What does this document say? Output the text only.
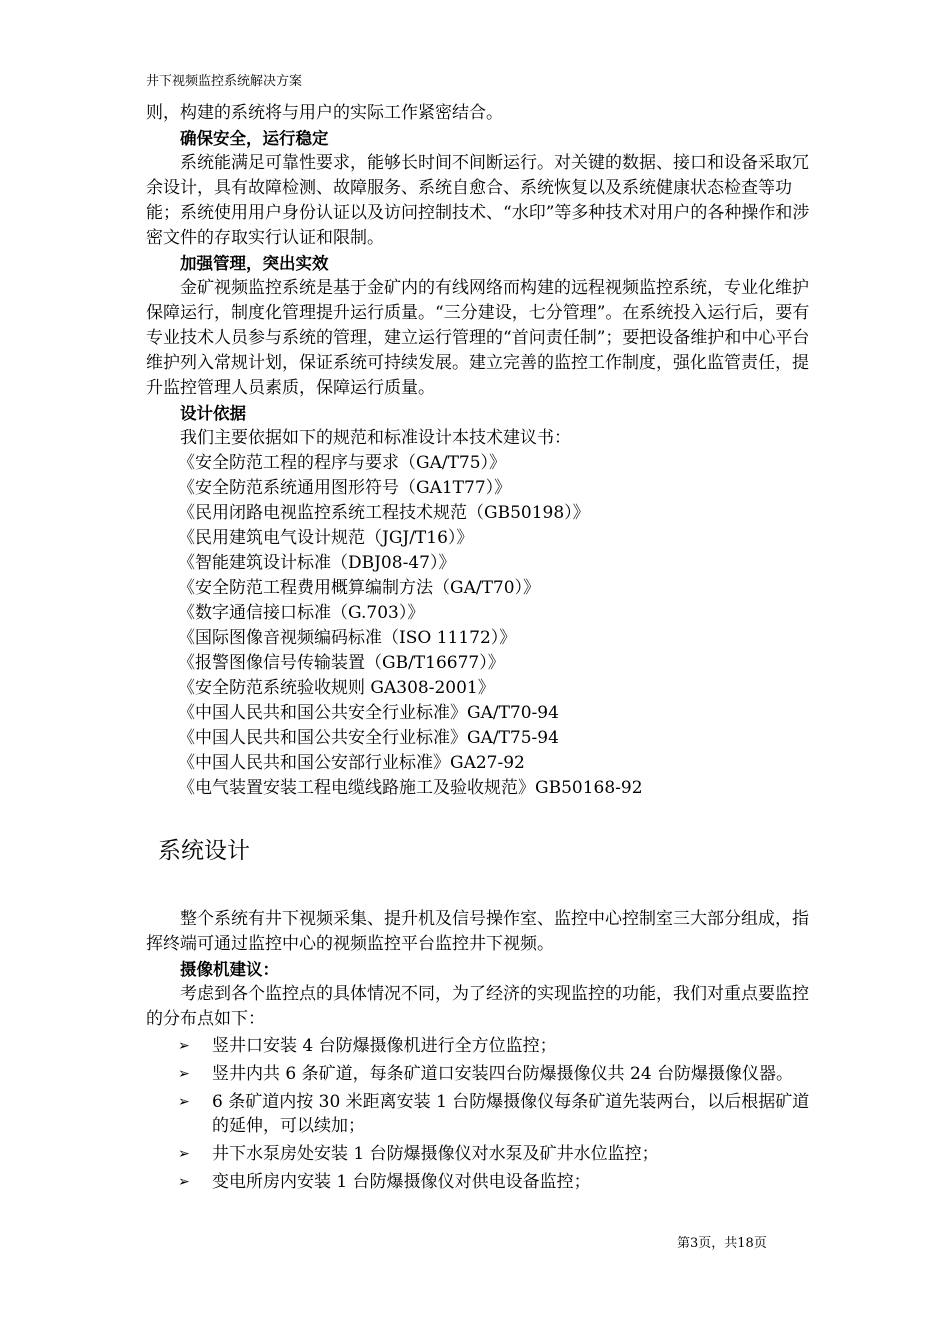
井下视频监控系统解决方案

则，构建的系统将与用户的实际工作紧密结合。

确保安全，运行稳定

系统能满足可靠性要求，能够长时间不间断运行。对关键的数据、接口和设备采取冗余设计，具有故障检测、故障服务、系统自愈合、系统恢复以及系统健康状态检查等功能；系统使用用户身份认证以及访问控制技术、“水印”等多种技术对用户的各种操作和涉密文件的存取实行认证和限制。

加强管理，突出实效

金矿视频监控系统是基于金矿内的有线网络而构建的远程视频监控系统，专业化维护保障运行，制度化管理提升运行质量。“三分建设，七分管理”。在系统投入运行后，要有专业技术人员参与系统的管理，建立运行管理的“首问责任制”；要把设备维护和中心平台维护列入常规计划，保证系统可持续发展。建立完善的监控工作制度，强化监管责任，提升监控管理人员素质，保障运行质量。

设计依据

我们主要依据如下的规范和标准设计本技术建议书：

《安全防范工程的程序与要求（GA/T75）》

《安全防范系统通用图形符号（GA1T77）》

《民用闭路电视监控系统工程技术规范（GB50198）》

《民用建筑电气设计规范（JGJ/T16）》

《智能建筑设计标准（DBJ08-47）》

《安全防范工程费用概算编制方法（GA/T70）》

《数字通信接口标准（G.703）》

《国际图像音视频编码标准（ISO 11172）》

《报警图像信号传输装置（GB/T16677）》

《安全防范系统验收规则 GA308-2001》

《中国人民共和国公共安全行业标准》GA/T70-94

《中国人民共和国公共安全行业标准》GA/T75-94

《中国人民共和国公安部行业标准》GA27-92

《电气装置安装工程电缆线路施工及验收规范》GB50168-92

系统设计

整个系统有井下视频采集、提升机及信号操作室、监控中心控制室三大部分组成，指挥终端可通过监控中心的视频监控平台监控井下视频。

摄像机建议：

考虑到各个监控点的具体情况不同，为了经济的实现监控的功能，我们对重点要监控的分布点如下：

➢ 竖井口安装 4 台防爆摄像机进行全方位监控；
➢ 竖井内共 6 条矿道，每条矿道口安装四台防爆摄像仪共 24 台防爆摄像仪器。
➢ 6 条矿道内按 30 米距离安装 1 台防爆摄像仪每条矿道先装两台，以后根据矿道的延伸，可以续加；
➢ 井下水泵房处安装 1 台防爆摄像仪对水泵及矿井水位监控；
➢ 变电所房内安装 1 台防爆摄像仪对供电设备监控；
第3页，共18页
